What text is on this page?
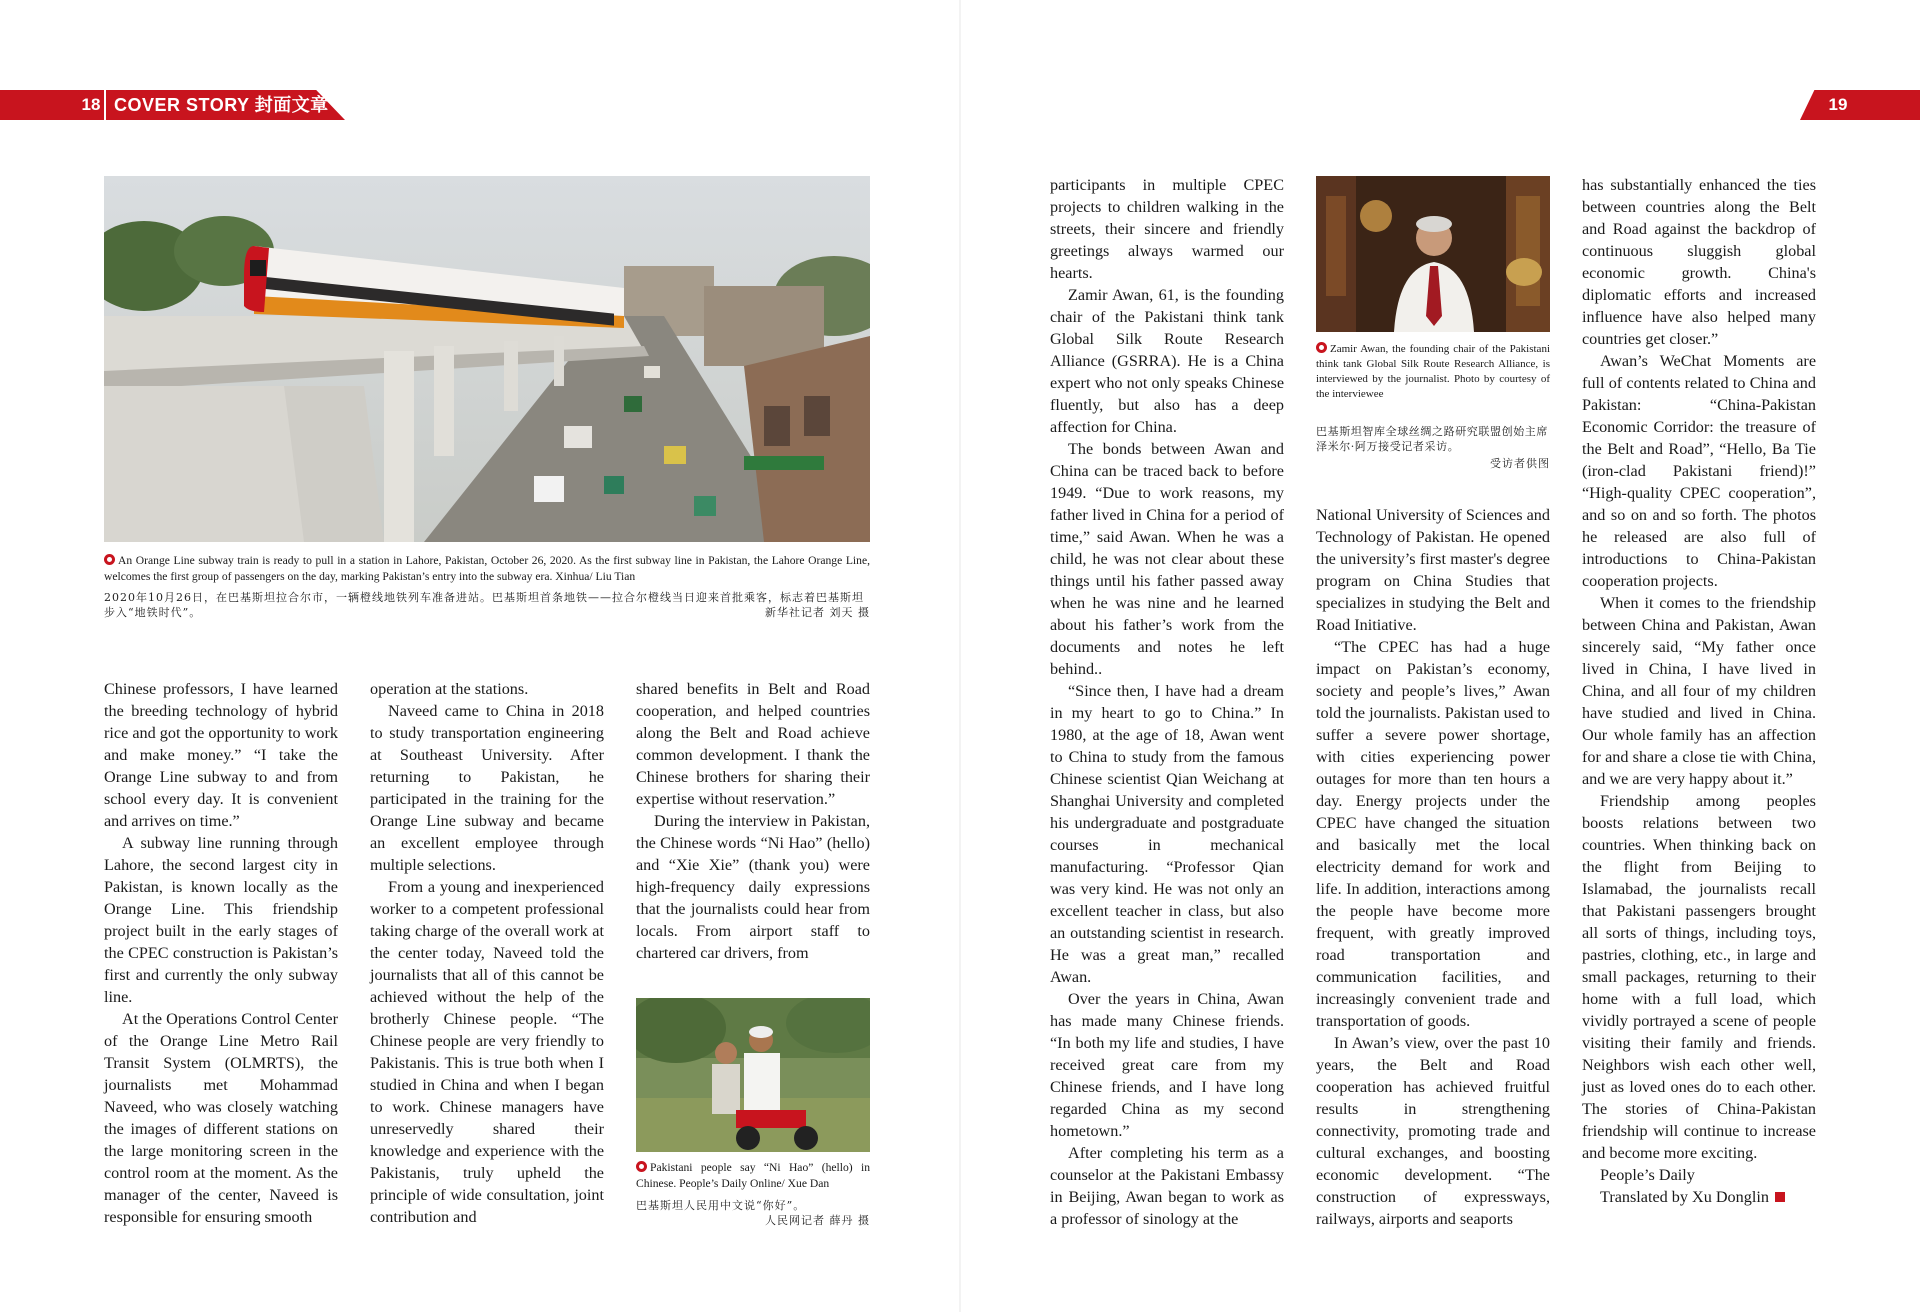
18 COVER STORY 封面文章	19
An Orange Line subway train is ready to pull in a station in Lahore, Pakistan, October 26, 2020. As the first subway line in Pakistan, the Lahore Orange Line, welcomes the first group of passengers on the day, marking Pakistan’s entry into the subway era. Xinhua/ Liu Tian
2020年10月26日，在巴基斯坦拉合尔市，一辆橙线地铁列车准备进站。巴基斯坦首条地铁——拉合尔橙线当日迎来首批乘客，标志着巴基斯坦步入“地铁时代”。	新华社记者 刘天 摄

Chinese professors, I have learned the breeding technology of hybrid rice and got the opportunity to work and make money.” “I take the Orange Line subway to and from school every day. It is convenient and arrives on time.”

A subway line running through Lahore, the second largest city in Pakistan, is known locally as the Orange Line. This friendship project built in the early stages of the CPEC construction is Pakistan’s first and currently the only subway line.

At the Operations Control Center of the Orange Line Metro Rail Transit System (OLMRTS), the journalists met Mohammad Naveed, who was closely watching the images of different stations on the large monitoring screen in the control room at the moment. As the manager of the center, Naveed is responsible for ensuring smooth

operation at the stations.

Naveed came to China in 2018 to study transportation engineering at Southeast University. After returning to Pakistan, he participated in the training for the Orange Line subway and became an excellent employee through multiple selections.

From a young and inexperienced worker to a competent professional taking charge of the overall work at the center today, Naveed told the journalists that all of this cannot be achieved without the help of the brotherly Chinese people. “The Chinese people are very friendly to Pakistanis. This is true both when I studied in China and when I began to work. Chinese managers have unreservedly shared their knowledge and experience with the Pakistanis, truly upheld the principle of wide consultation, joint contribution and

shared benefits in Belt and Road cooperation, and helped countries along the Belt and Road achieve common development. I thank the Chinese brothers for sharing their expertise without reservation.”

During the interview in Pakistan, the Chinese words “Ni Hao” (hello) and “Xie Xie” (thank you) were high-frequency daily expressions that the journalists could hear from locals. From airport staff to chartered car drivers, from

Pakistani people say “Ni Hao” (hello) in Chinese. People’s Daily Online/ Xue Dan
巴基斯坦人民用中文说“你好”。
人民网记者 薛丹 摄

participants in multiple CPEC projects to children walking in the streets, their sincere and friendly greetings always warmed our hearts.

Zamir Awan, 61, is the founding chair of the Pakistani think tank Global Silk Route Research Alliance (GSRRA). He is a China expert who not only speaks Chinese fluently, but also has a deep affection for China.

The bonds between Awan and China can be traced back to before 1949. “Due to work reasons, my father lived in China for a period of time,” said Awan. When he was a child, he was not clear about these things until his father passed away when he was nine and he learned about his father’s work from the documents and notes he left behind..

“Since then, I have had a dream in my heart to go to China.” In 1980, at the age of 18, Awan went to China to study from the famous Chinese scientist Qian Weichang at Shanghai University and completed his undergraduate and postgraduate courses in mechanical manufacturing. “Professor Qian was very kind. He was not only an excellent teacher in class, but also an outstanding scientist in research. He was a great man,” recalled Awan.

Over the years in China, Awan has made many Chinese friends. “In both my life and studies, I have received great care from my Chinese friends, and I have long regarded China as my second hometown.”

After completing his term as a counselor at the Pakistani Embassy in Beijing, Awan began to work as a professor of sinology at the

Zamir Awan, the founding chair of the Pakistani think tank Global Silk Route Research Alliance, is interviewed by the journalist. Photo by courtesy of the interviewee
巴基斯坦智库全球丝绸之路研究联盟创始主席泽米尔·阿万接受记者采访。
受访者供图

National University of Sciences and Technology of Pakistan. He opened the university’s first master's degree program on China Studies that specializes in studying the Belt and Road Initiative.

“The CPEC has had a huge impact on Pakistan’s economy, society and people’s lives,” Awan told the journalists. Pakistan used to suffer a severe power shortage, with cities experiencing power outages for more than ten hours a day. Energy projects under the CPEC have changed the situation and basically met the local electricity demand for work and life. In addition, interactions among the people have become more frequent, with greatly improved road transportation and communication facilities, and increasingly convenient trade and transportation of goods.

In Awan’s view, over the past 10 years, the Belt and Road cooperation has achieved fruitful results in strengthening connectivity, promoting trade and cultural exchanges, and boosting economic development. “The construction of expressways, railways, airports and seaports

has substantially enhanced the ties between countries along the Belt and Road against the backdrop of continuous sluggish global economic growth. China's diplomatic efforts and increased influence have also helped many countries get closer.”

Awan’s WeChat Moments are full of contents related to China and Pakistan: “China-Pakistan Economic Corridor: the treasure of the Belt and Road”, “Hello, Ba Tie (iron-clad Pakistani friend)!” “High-quality CPEC cooperation”, and so on and so forth. The photos he released are also full of introductions to China-Pakistan cooperation projects.

When it comes to the friendship between China and Pakistan, Awan sincerely said, “My father once lived in China, I have lived in China, and all four of my children have studied and lived in China. Our whole family has an affection for and share a close tie with China, and we are very happy about it.”

Friendship among peoples boosts relations between two countries. When thinking back on the flight from Beijing to Islamabad, the journalists recall that Pakistani passengers brought all sorts of things, including toys, pastries, clothing, etc., in large and small packages, returning to their home with a full load, which vividly portrayed a scene of people visiting their family and friends. Neighbors wish each other well, just as loved ones do to each other. The stories of China-Pakistan friendship will continue to increase and become more exciting.

People’s Daily

Translated by Xu Donglin
